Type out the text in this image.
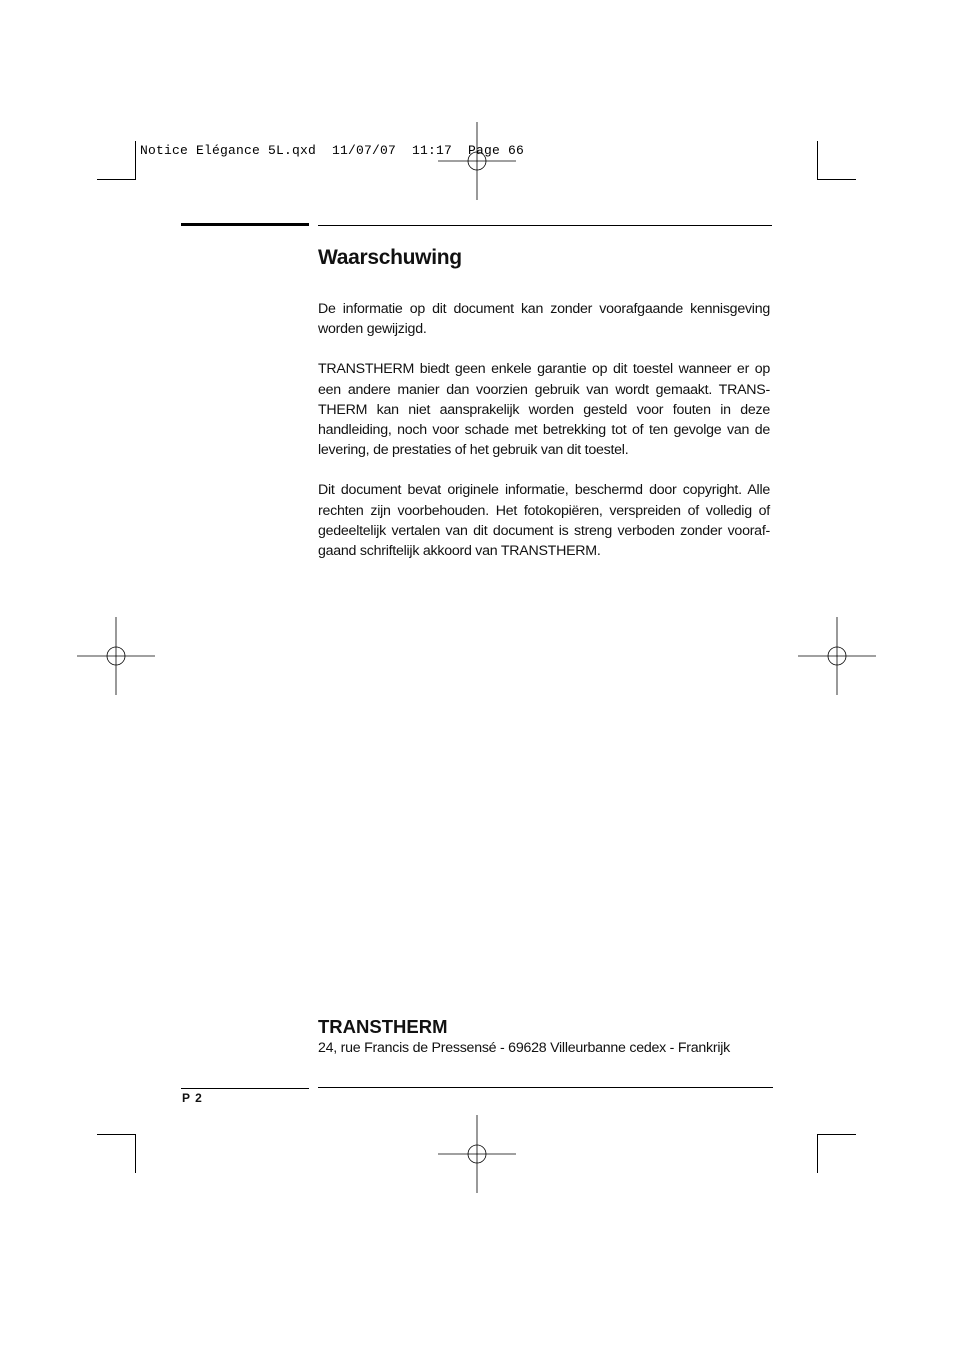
Notice Elégance 5L.qxd  11/07/07  11:17  Page 66
Waarschuwing

De informatie op dit document kan zonder voorafgaande kennisgeving worden gewijzigd.

TRANSTHERM biedt geen enkele garantie op dit toestel wanneer er op een andere manier dan voorzien gebruik van wordt gemaakt. TRANS-THERM kan niet aansprakelijk worden gesteld voor fouten in deze handleiding, noch voor schade met betrekking tot of ten gevolge van de levering, de prestaties of het gebruik van dit toestel.

Dit document bevat originele informatie, beschermd door copyright. Alle rechten zijn voorbehouden. Het fotokopiëren, verspreiden of volledig of gedeeltelijk vertalen van dit document is streng verboden zonder vooraf-gaand schriftelijk akkoord van TRANSTHERM.

TRANSTHERM
24, rue Francis de Pressensé - 69628 Villeurbanne cedex - Frankrijk
P 2
